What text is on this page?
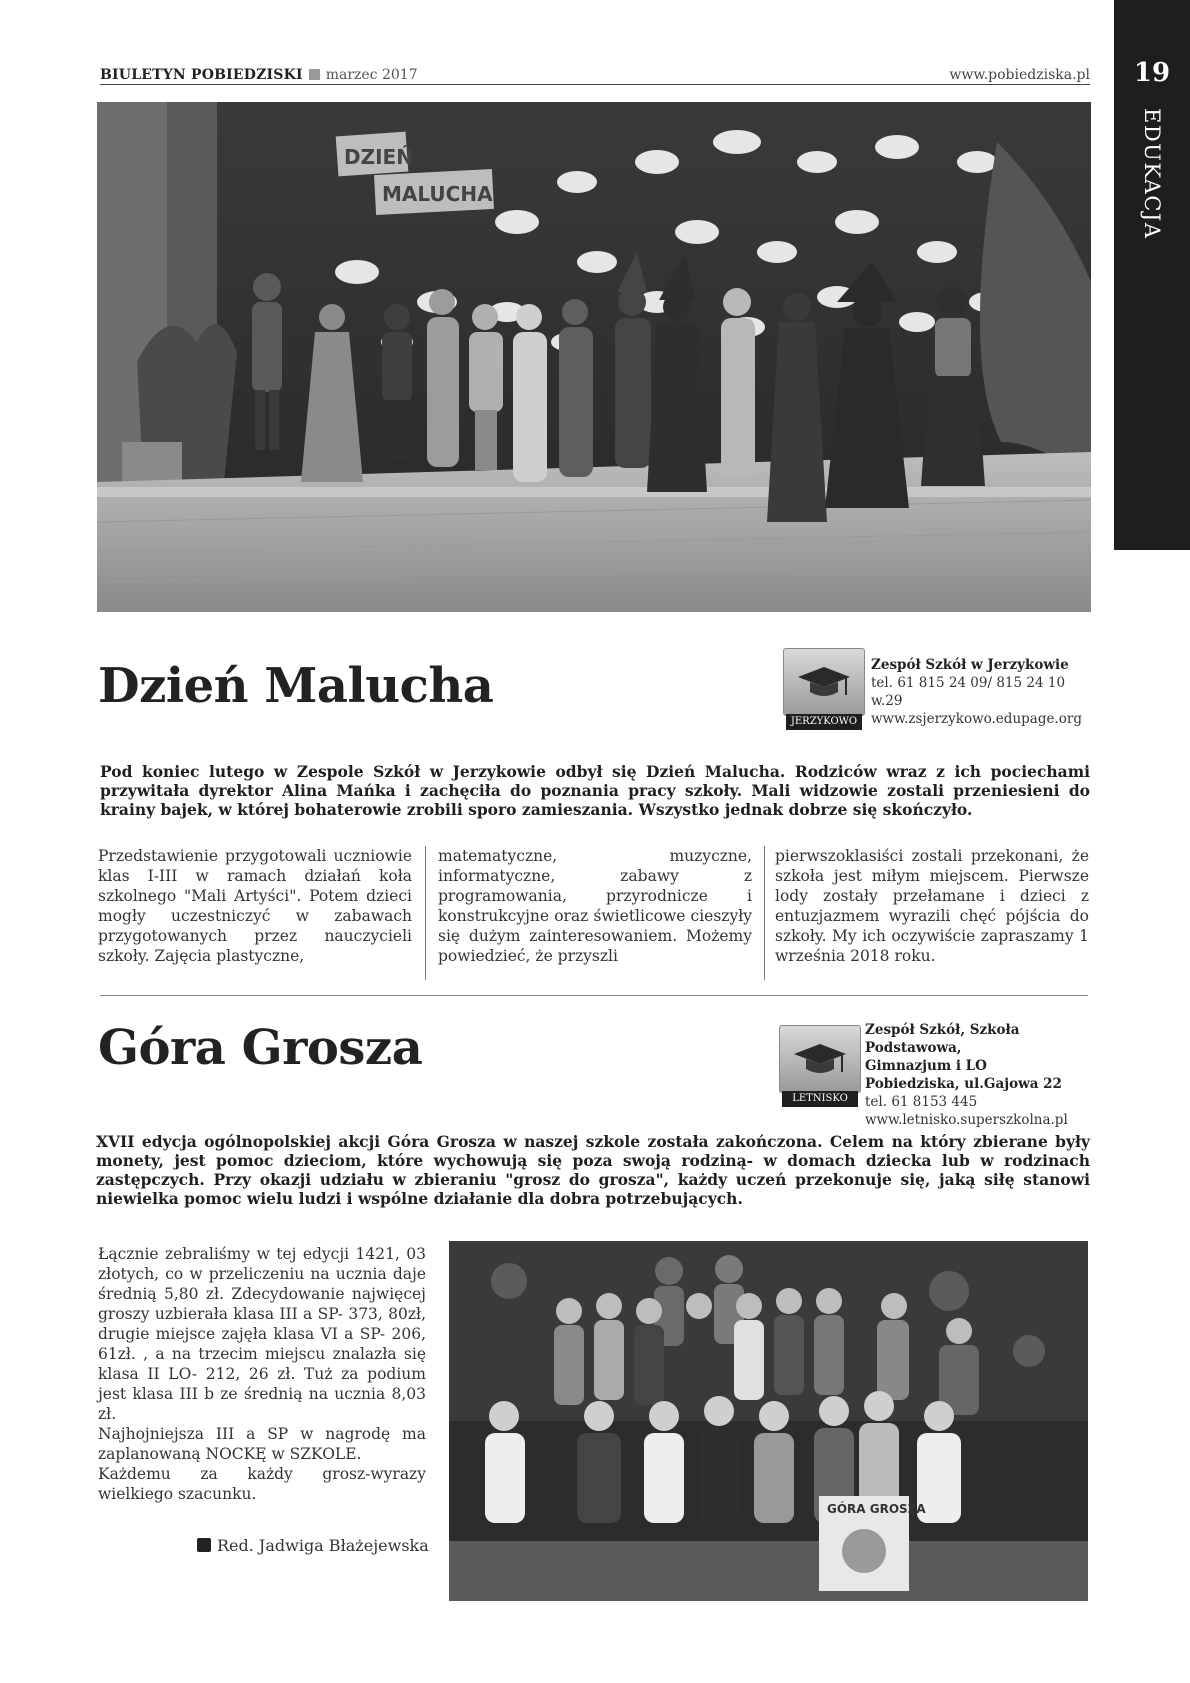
BIULETYN POBIEDZISKI marzec 2017	www.pobiedziska.pl	19
EDUKACJA
DZIEŃ
MALUCHA
Dzień Malucha
JERZYKOWO
Zespół Szkół w Jerzykowie
tel. 61 815 24 09/ 815 24 10 w.29
www.zsjerzykowo.edupage.org
Pod koniec lutego w Zespole Szkół w Jerzykowie odbył się Dzień Malucha. Rodziców wraz z ich pociechami przywitała dyrektor Alina Mańka i zachęciła do poznania pracy szkoły. Mali widzowie zostali przeniesieni do krainy bajek, w której bohaterowie zrobili sporo zamieszania. Wszystko jednak dobrze się skończyło.
Przedstawienie przygotowali uczniowie klas I-III w ramach działań koła szkolnego "Mali Artyści". Potem dzieci mogły uczestniczyć w zabawach przygotowanych przez nauczycieli szkoły. Zajęcia plastyczne,
matematyczne, muzyczne, informatyczne, zabawy z programowania, przyrodnicze i konstrukcyjne oraz świetlicowe cieszyły się dużym zainteresowaniem. Możemy powiedzieć, że przyszli
pierwszoklasiści zostali przekonani, że szkoła jest miłym miejscem. Pierwsze lody zostały przełamane i dzieci z entuzjazmem wyrazili chęć pójścia do szkoły. My ich oczywiście zapraszamy 1 września 2018 roku.
Góra Grosza
LETNISKO
Zespół Szkół, Szkoła Podstawowa,
Gimnazjum i LO
Pobiedziska, ul.Gajowa 22
tel. 61 8153 445
www.letnisko.superszkolna.pl
XVII edycja ogólnopolskiej akcji Góra Grosza w naszej szkole została zakończona. Celem na który zbierane były monety, jest pomoc dzieciom, które wychowują się poza swoją rodziną- w domach dziecka lub w rodzinach zastępczych. Przy okazji udziału w zbieraniu "grosz do grosza", każdy uczeń przekonuje się, jaką siłę stanowi niewielka pomoc wielu ludzi i wspólne działanie dla dobra potrzebujących.
Łącznie zebraliśmy w tej edycji 1421, 03 złotych, co w przeliczeniu na ucznia daje średnią 5,80 zł. Zdecydowanie najwięcej groszy uzbierała klasa III a SP- 373, 80zł, drugie miejsce zajęła klasa VI a SP- 206, 61zł. , a na trzecim miejscu znalazła się klasa II LO- 212, 26 zł. Tuż za podium jest klasa III b ze średnią na ucznia 8,03 zł.
Najhojniejsza III a SP w nagrodę ma zaplanowaną NOCKĘ w SZKOLE.
Każdemu za każdy grosz-wyrazy wielkiego szacunku.
Red. Jadwiga Błażejewska
GÓRA GROSZA
